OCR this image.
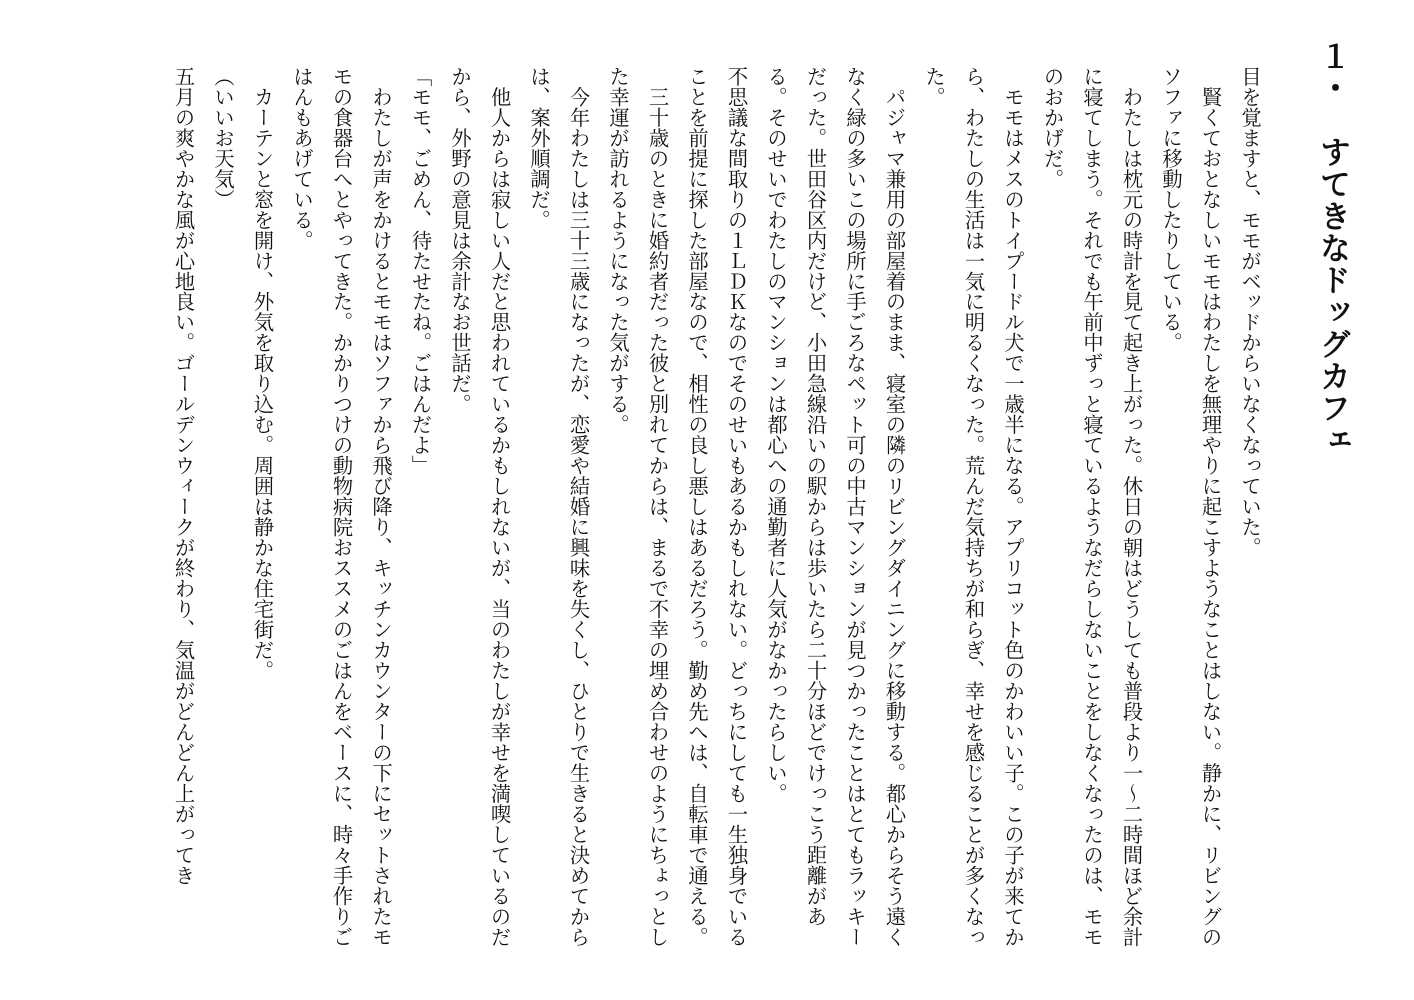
１・　すてきなドッグカフェ

目を覚ますと、モモがベッドからいなくなっていた。

　賢くておとなしいモモはわたしを無理やりに起こすようなことはしない。静かに、リビングのソファに移動したりしている。

　わたしは枕元の時計を見て起き上がった。休日の朝はどうしても普段より一～二時間ほど余計に寝てしまう。それでも午前中ずっと寝ているようなだらしないことをしなくなったのは、モモのおかげだ。

　モモはメスのトイプードル犬で一歳半になる。アプリコット色のかわいい子。この子が来てから、わたしの生活は一気に明るくなった。荒んだ気持ちが和らぎ、幸せを感じることが多くなった。

　パジャマ兼用の部屋着のまま、寝室の隣のリビングダイニングに移動する。都心からそう遠くなく緑の多いこの場所に手ごろなペット可の中古マンションが見つかったことはとてもラッキーだった。世田谷区内だけど、小田急線沿いの駅からは歩いたら二十分ほどでけっこう距離がある。そのせいでわたしのマンションは都心への通勤者に人気がなかったらしい。

不思議な間取りの１ＬＤＫなのでそのせいもあるかもしれない。どっちにしても一生独身でいることを前提に探した部屋なので、相性の良し悪しはあるだろう。勤め先へは、自転車で通える。

　三十歳のときに婚約者だった彼と別れてからは、まるで不幸の埋め合わせのようにちょっとした幸運が訪れるようになった気がする。

　今年わたしは三十三歳になったが、恋愛や結婚に興味を失くし、ひとりで生きると決めてからは、案外順調だ。

　他人からは寂しい人だと思われているかもしれないが、当のわたしが幸せを満喫しているのだから、外野の意見は余計なお世話だ。

「モモ、ごめん、待たせたね。ごはんだよ」

　わたしが声をかけるとモモはソファから飛び降り、キッチンカウンターの下にセットされたモモの食器台へとやってきた。かかりつけの動物病院おススメのごはんをベースに、時々手作りごはんもあげている。

　カーテンと窓を開け、外気を取り込む。周囲は静かな住宅街だ。

（いいお天気）

五月の爽やかな風が心地良い。ゴールデンウィークが終わり、気温がどんどん上がってき
